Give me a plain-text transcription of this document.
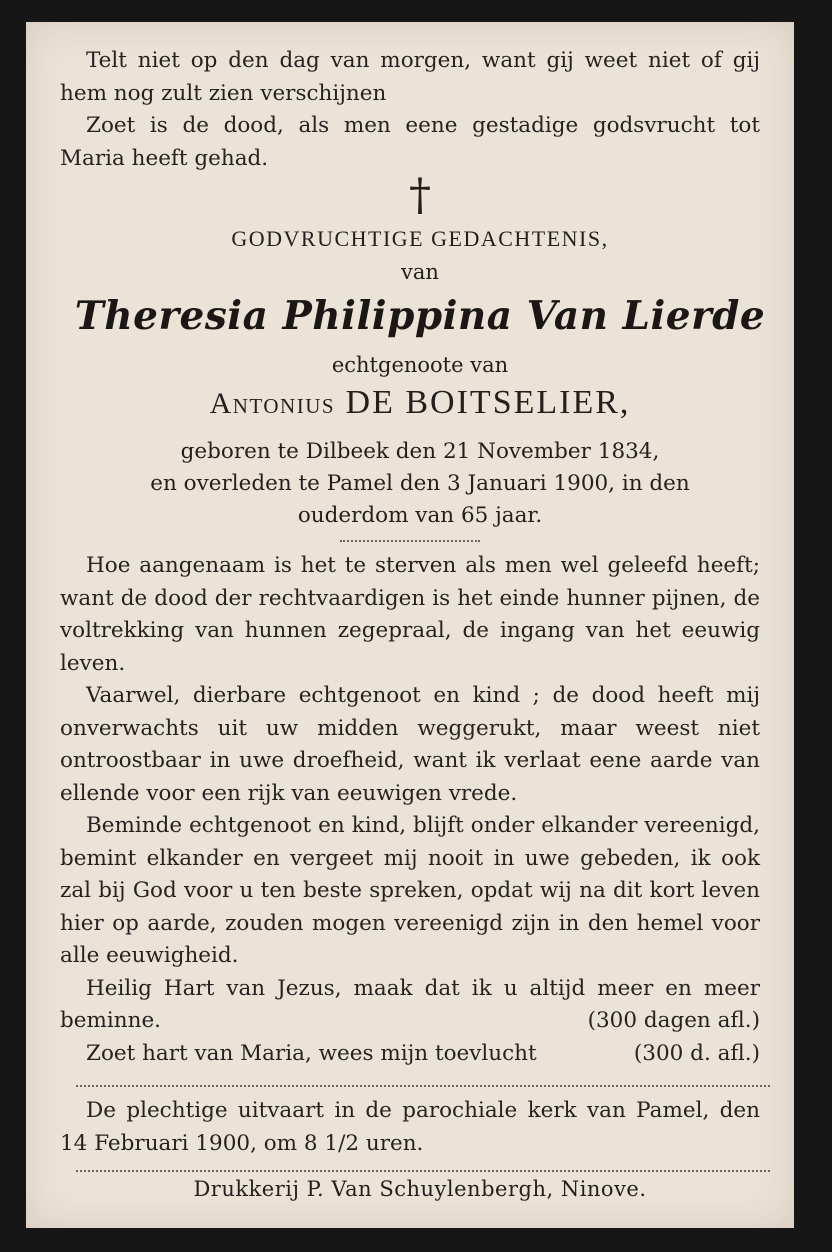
Telt niet op den dag van morgen, want gij weet niet of gij hem nog zult zien verschijnen

Zoet is de dood, als men eene gestadige godsvrucht tot Maria heeft gehad.

†
GODVRUCHTIGE GEDACHTENIS,
van
Theresia Philippina Van Lierde
echtgenoote van
Antonius DE BOITSELIER,
geboren te Dilbeek den 21 November 1834,
en overleden te Pamel den 3 Januari 1900, in den
ouderdom van 65 jaar.

Hoe aangenaam is het te sterven als men wel geleefd heeft; want de dood der rechtvaardigen is het einde hunner pijnen, de voltrekking van hunnen zegepraal, de ingang van het eeuwig leven.

Vaarwel, dierbare echtgenoot en kind ; de dood heeft mij onverwachts uit uw midden weggerukt, maar weest niet ontroostbaar in uwe droefheid, want ik verlaat eene aarde van ellende voor een rijk van eeuwigen vrede.

Beminde echtgenoot en kind, blijft onder elkander vereenigd, bemint elkander en vergeet mij nooit in uwe gebeden, ik ook zal bij God voor u ten beste spreken, opdat wij na dit kort leven hier op aarde, zouden mogen vereenigd zijn in den hemel voor alle eeuwigheid.

Heilig Hart van Jezus, maak dat ik u altijd meer en meer beminne.	(300 dagen afl.)

Zoet hart van Maria, wees mijn toevlucht	(300 d. afl.)

De plechtige uitvaart in de parochiale kerk van Pamel, den 14 Februari 1900, om 8 1/2 uren.

Drukkerij P. Van Schuylenbergh, Ninove.
